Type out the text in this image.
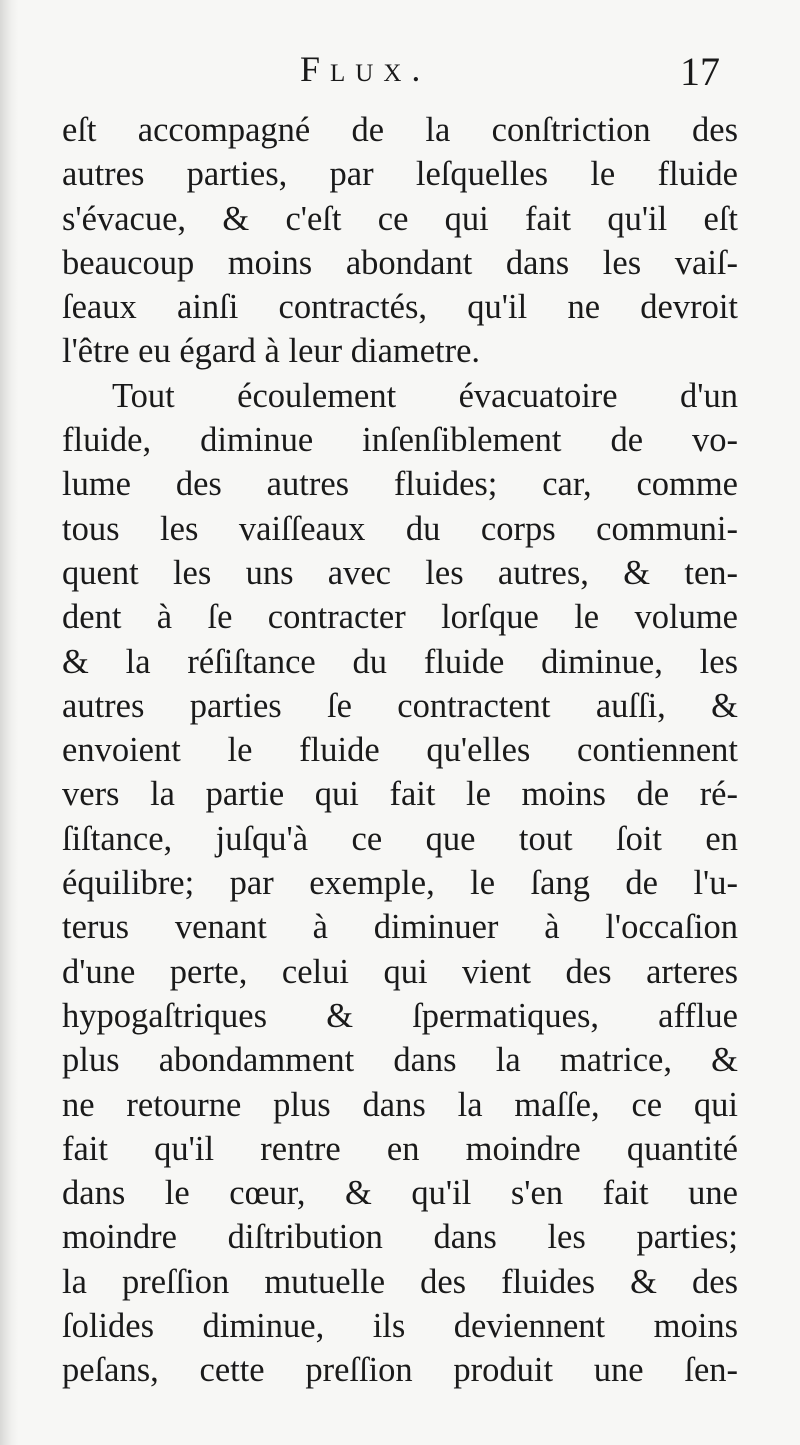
Flux.	17
eſt accompagné de la conſtriction des
autres parties, par leſquelles le fluide
s'évacue, & c'eſt ce qui fait qu'il eſt
beaucoup moins abondant dans les vaiſ-
ſeaux ainſi contractés, qu'il ne devroit
l'être eu égard à leur diametre.
Tout écoulement évacuatoire d'un
fluide, diminue inſenſiblement de vo-
lume des autres fluides; car, comme
tous les vaiſſeaux du corps communi-
quent les uns avec les autres, & ten-
dent à ſe contracter lorſque le volume
& la réſiſtance du fluide diminue, les
autres parties ſe contractent auſſi, &
envoient le fluide qu'elles contiennent
vers la partie qui fait le moins de ré-
ſiſtance, juſqu'à ce que tout ſoit en
équilibre; par exemple, le ſang de l'u-
terus venant à diminuer à l'occaſion
d'une perte, celui qui vient des arteres
hypogaſtriques & ſpermatiques, afflue
plus abondamment dans la matrice, &
ne retourne plus dans la maſſe, ce qui
fait qu'il rentre en moindre quantité
dans le cœur, & qu'il s'en fait une
moindre diſtribution dans les parties;
la preſſion mutuelle des fluides & des
ſolides diminue, ils deviennent moins
peſans, cette preſſion produit une ſen-
